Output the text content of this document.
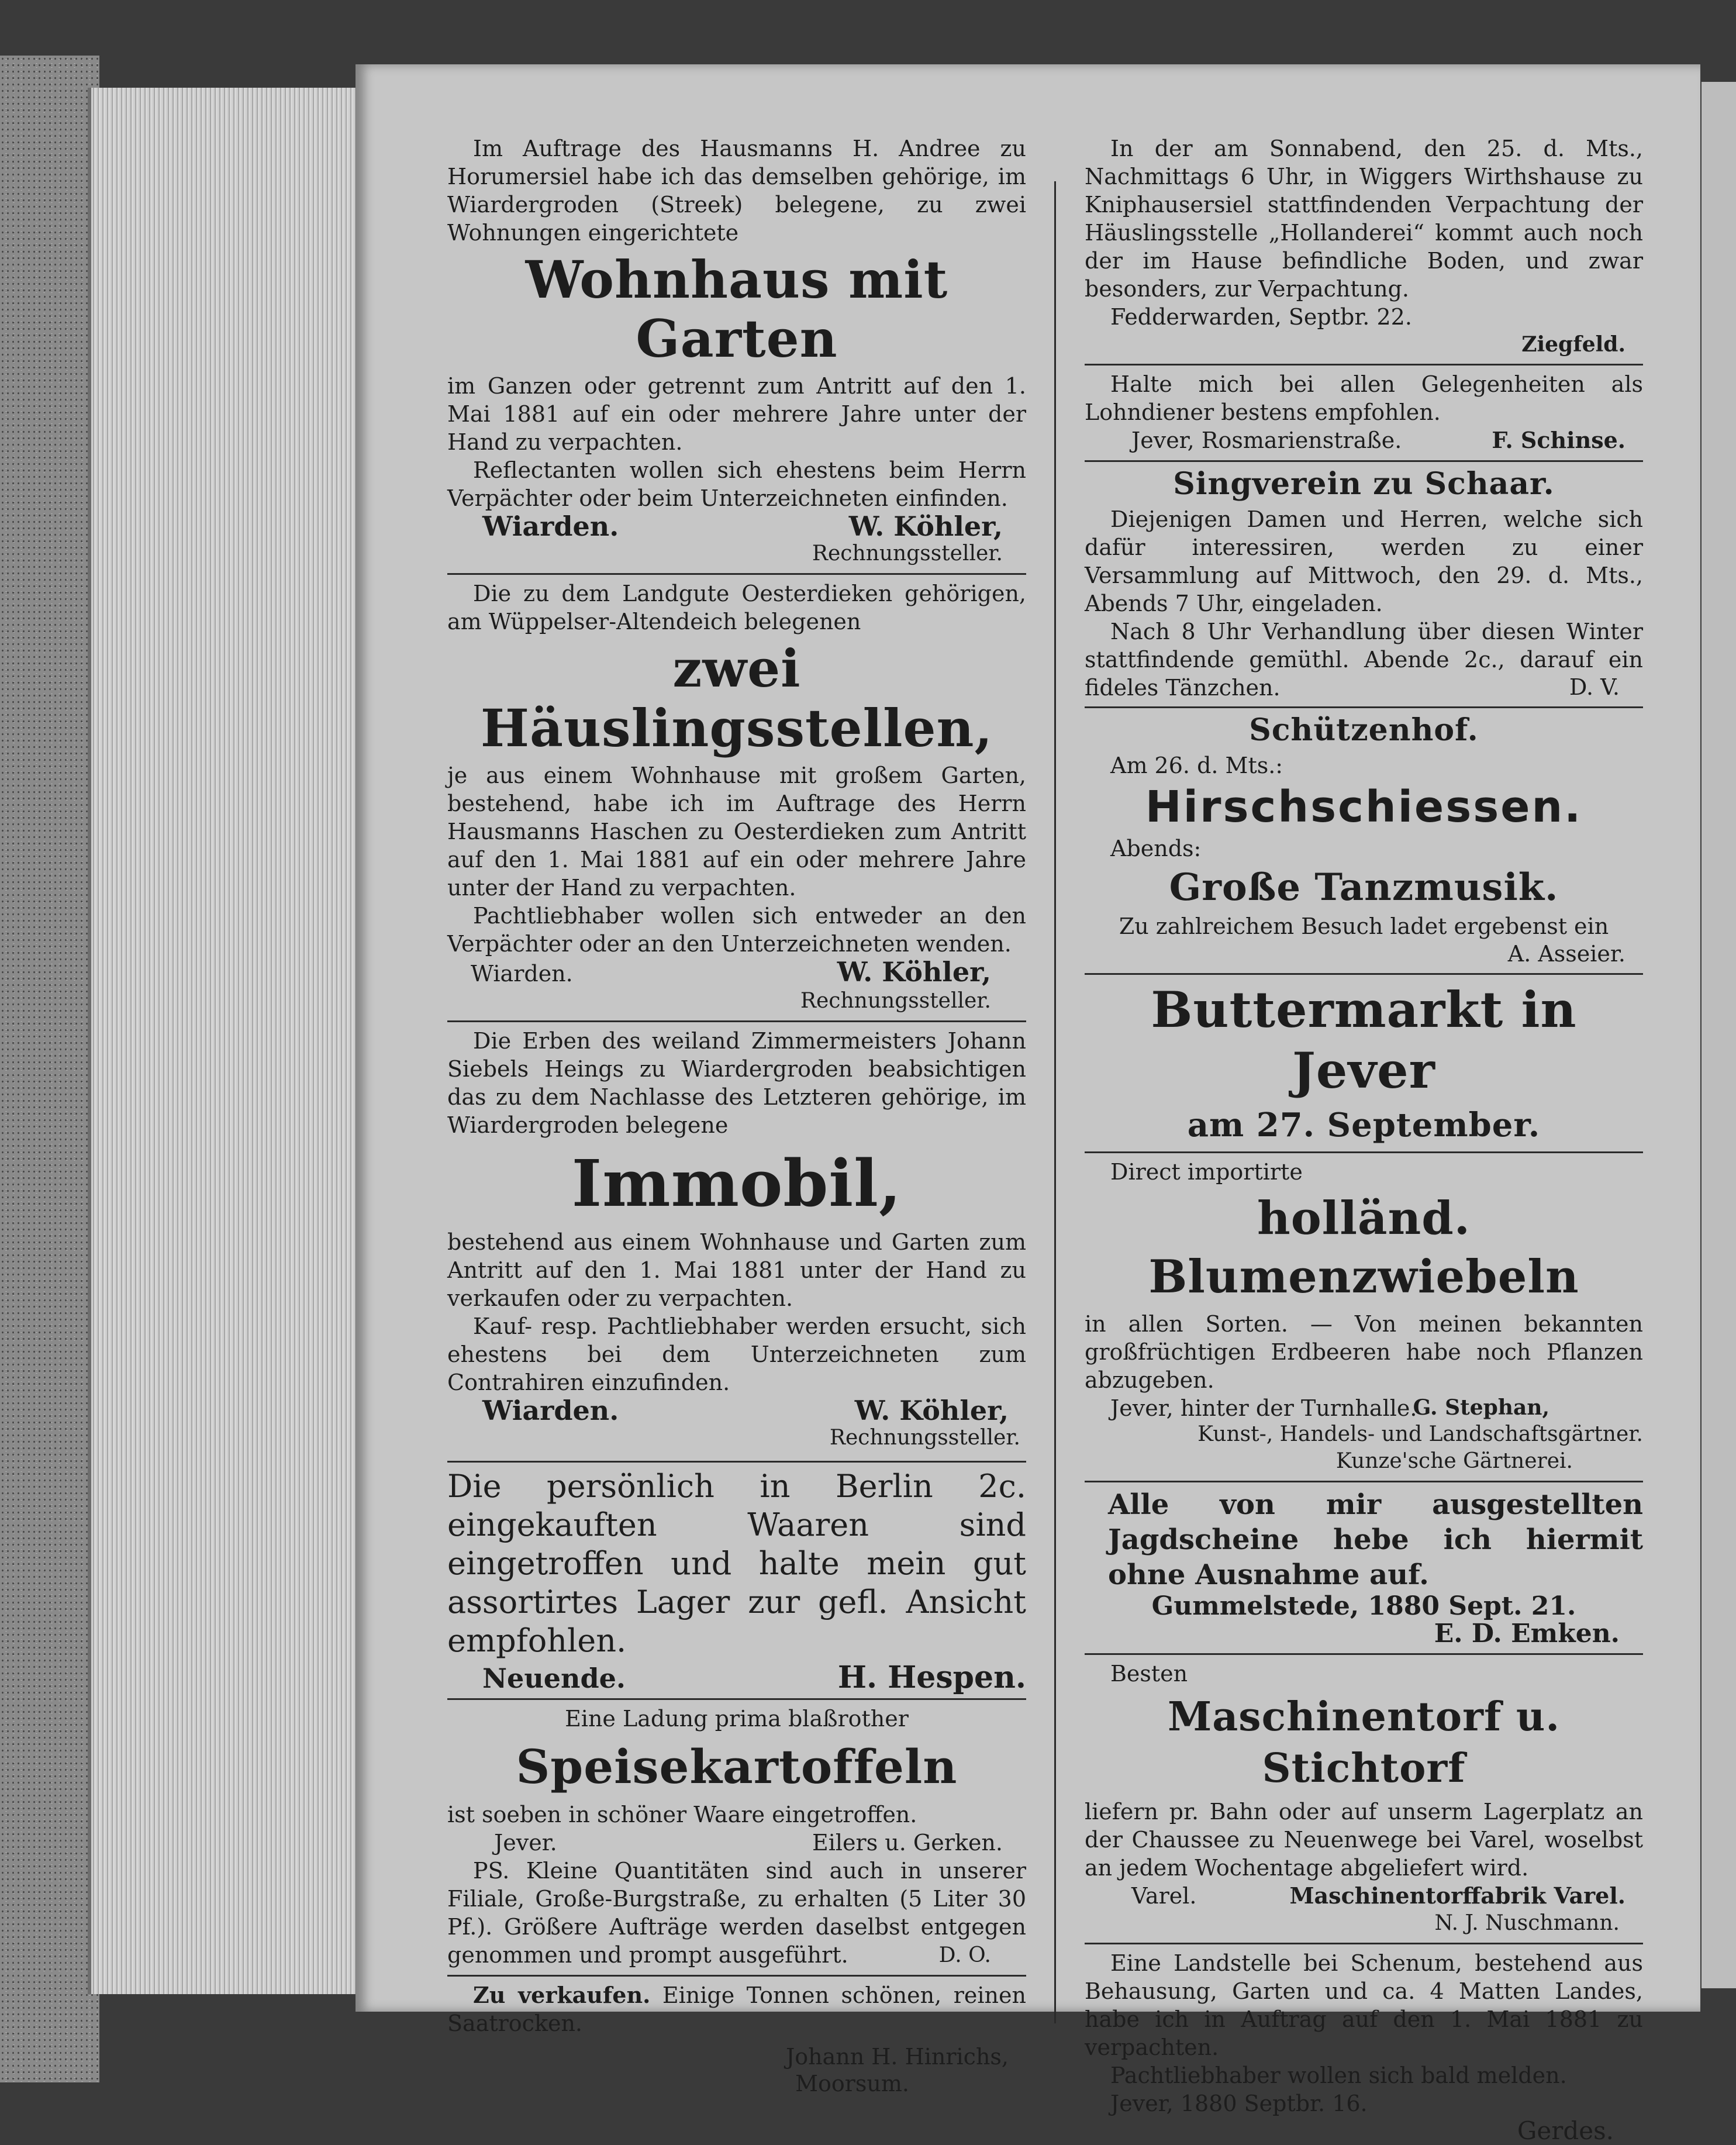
Im Auftrage des Hausmanns H. Andree zu Horumersiel habe ich das demselben gehörige, im Wiardergroden (Streek) belegene, zu zwei Wohnungen eingerichtete

Wohnhaus mit Garten

im Ganzen oder getrennt zum Antritt auf den 1. Mai 1881 auf ein oder mehrere Jahre unter der Hand zu verpachten.

Reflectanten wollen sich ehestens beim Herrn Verpächter oder beim Unterzeichneten einfinden.

Wiarden.	W. Köhler,
Rechnungssteller.

Die zu dem Landgute Oesterdieken gehörigen, am Wüppelser-Altendeich belegenen

zwei Häuslingsstellen,

je aus einem Wohnhause mit großem Garten, bestehend, habe ich im Auftrage des Herrn Hausmanns Haschen zu Oesterdieken zum Antritt auf den 1. Mai 1881 auf ein oder mehrere Jahre unter der Hand zu verpachten.

Pachtliebhaber wollen sich entweder an den Verpächter oder an den Unterzeichneten wenden.

Wiarden.	W. Köhler,
Rechnungssteller.

Die Erben des weiland Zimmermeisters Johann Siebels Heings zu Wiardergroden beabsichtigen das zu dem Nachlasse des Letzteren gehörige, im Wiardergroden belegene

Immobil,

bestehend aus einem Wohnhause und Garten zum Antritt auf den 1. Mai 1881 unter der Hand zu verkaufen oder zu verpachten.

Kauf- resp. Pachtliebhaber werden ersucht, sich ehestens bei dem Unterzeichneten zum Contrahiren einzufinden.

Wiarden.	W. Köhler,
Rechnungssteller.

Die persönlich in Berlin 2c. eingekauften Waaren sind eingetroffen und halte mein gut assortirtes Lager zur gefl. Ansicht empfohlen.

Neuende.	H. Hespen.
Eine Ladung prima blaßrother
Speisekartoffeln

ist soeben in schöner Waare eingetroffen.

Jever.	Eilers u. Gerken.

PS. Kleine Quantitäten sind auch in unserer Filiale, Große-Burgstraße, zu erhalten (5 Liter 30 Pf.). Größere Aufträge werden daselbst entgegen genommen und prompt ausgeführt.	D. O.

Zu verkaufen. Einige Tonnen schönen, reinen Saatrocken.

Johann H. Hinrichs,
Moorsum.

In der am Sonnabend, den 25. d. Mts., Nachmittags 6 Uhr, in Wiggers Wirthshause zu Kniphausersiel stattfindenden Verpachtung der Häuslingsstelle „Hollanderei“ kommt auch noch der im Hause befindliche Boden, und zwar besonders, zur Verpachtung.

Fedderwarden, Septbr. 22.

Ziegfeld.

Halte mich bei allen Gelegenheiten als Lohndiener bestens empfohlen.

Jever, Rosmarienstraße.	F. Schinse.
Singverein zu Schaar.

Diejenigen Damen und Herren, welche sich dafür interessiren, werden zu einer Versammlung auf Mittwoch, den 29. d. Mts., Abends 7 Uhr, eingeladen.

Nach 8 Uhr Verhandlung über diesen Winter stattfindende gemüthl. Abende 2c., darauf ein fideles Tänzchen.	D. V.
Schützenhof.

Am 26. d. Mts.:

Hirschschiessen.

Abends:

Große Tanzmusik.
Zu zahlreichem Besuch ladet ergebenst ein
A. Asseier.
Buttermarkt in Jever
am 27. September.

Direct importirte

holländ. Blumenzwiebeln

in allen Sorten. — Von meinen bekannten großfrüchtigen Erdbeeren habe noch Pflanzen abzugeben.

Jever, hinter der Turnhalle.

G. Stephan,
Kunst-, Handels- und Landschaftsgärtner.
Kunze'sche Gärtnerei.

Alle von mir ausgestellten Jagdscheine hebe ich hiermit ohne Ausnahme auf.

Gummelstede, 1880 Sept. 21.
E. D. Emken.

Besten

Maschinentorf u. Stichtorf

liefern pr. Bahn oder auf unserm Lagerplatz an der Chaussee zu Neuenwege bei Varel, woselbst an jedem Wochentage abgeliefert wird.

Varel.	Maschinentorffabrik Varel.
N. J. Nuschmann.

Eine Landstelle bei Schenum, bestehend aus Behausung, Garten und ca. 4 Matten Landes, habe ich in Auftrag auf den 1. Mai 1881 zu verpachten.

Pachtliebhaber wollen sich bald melden.

Jever, 1880 Septbr. 16.

Gerdes.
